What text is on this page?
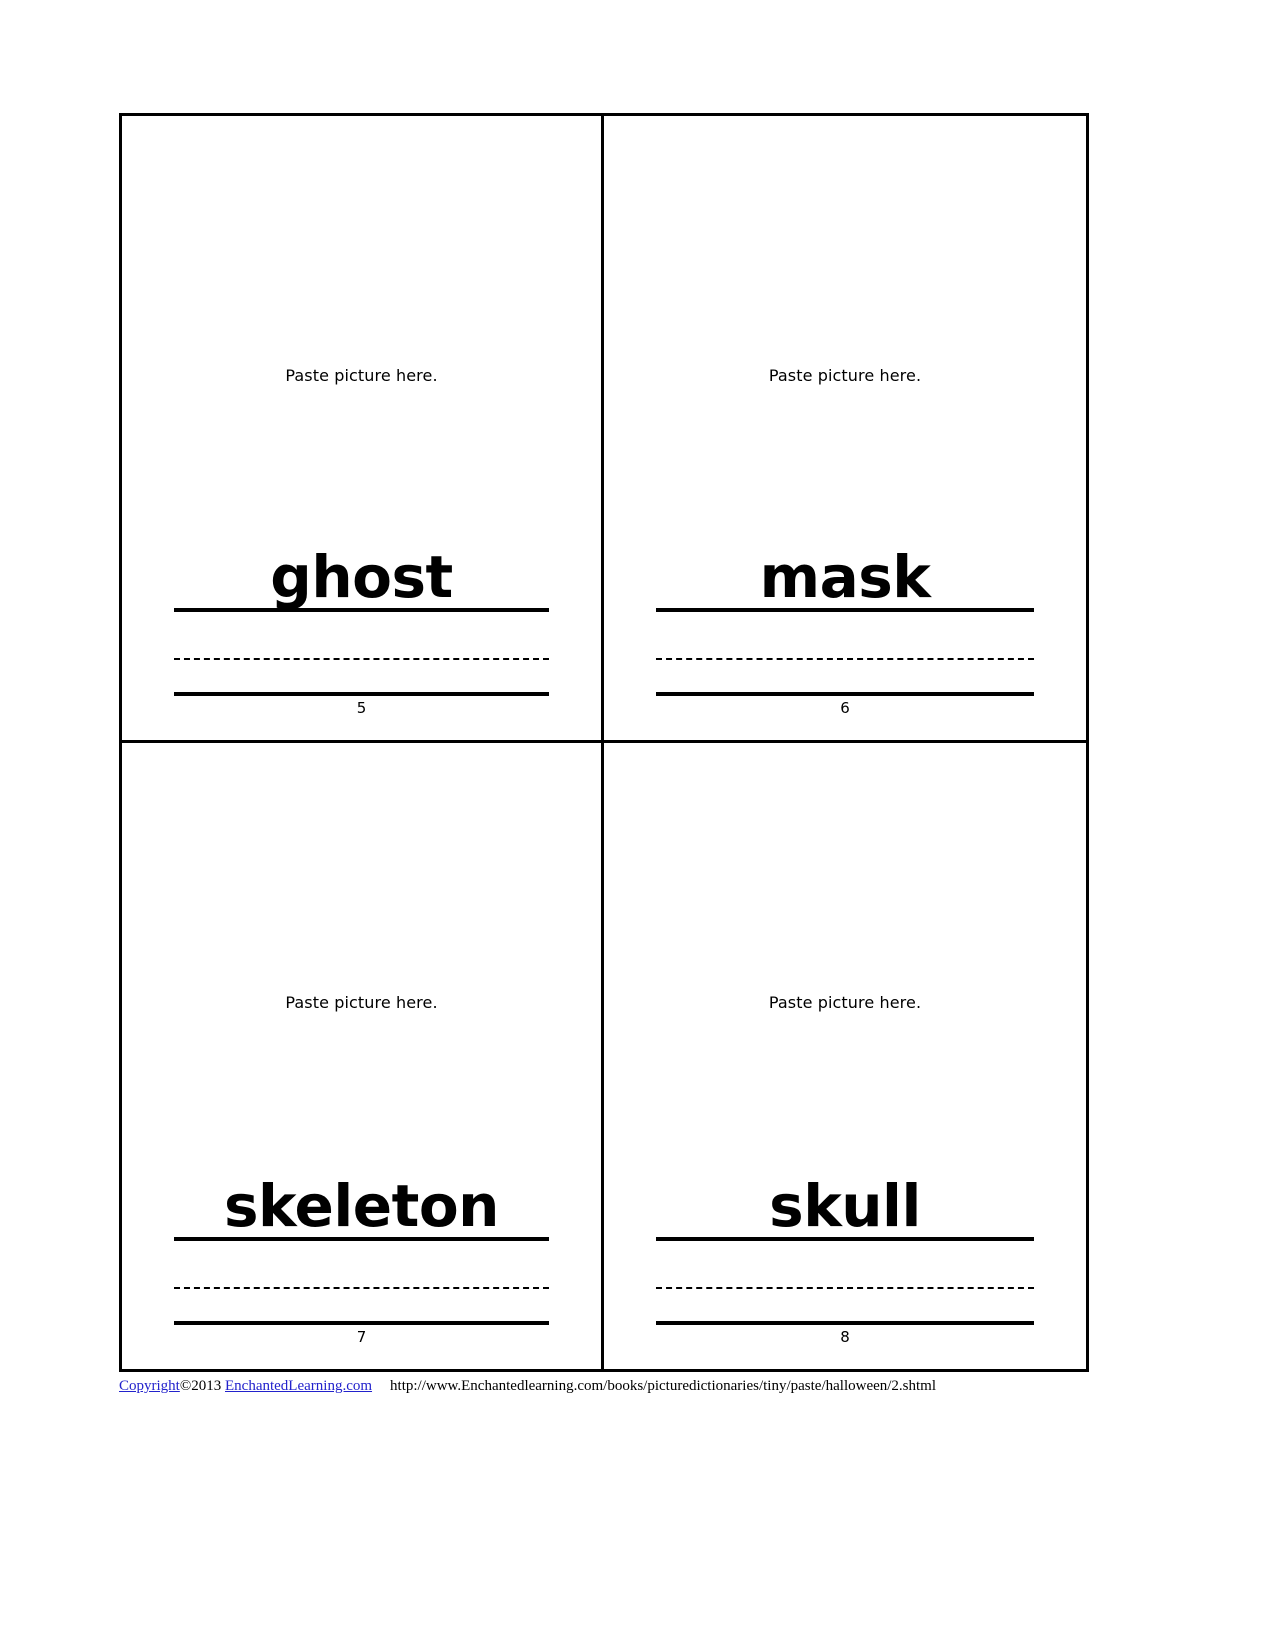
Paste picture here.
ghost
5
Paste picture here.
mask
6
Paste picture here.
skeleton
7
Paste picture here.
skull
8
Copyright©2013 EnchantedLearning.com http://www.Enchantedlearning.com/books/picturedictionaries/tiny/paste/halloween/2.shtml
